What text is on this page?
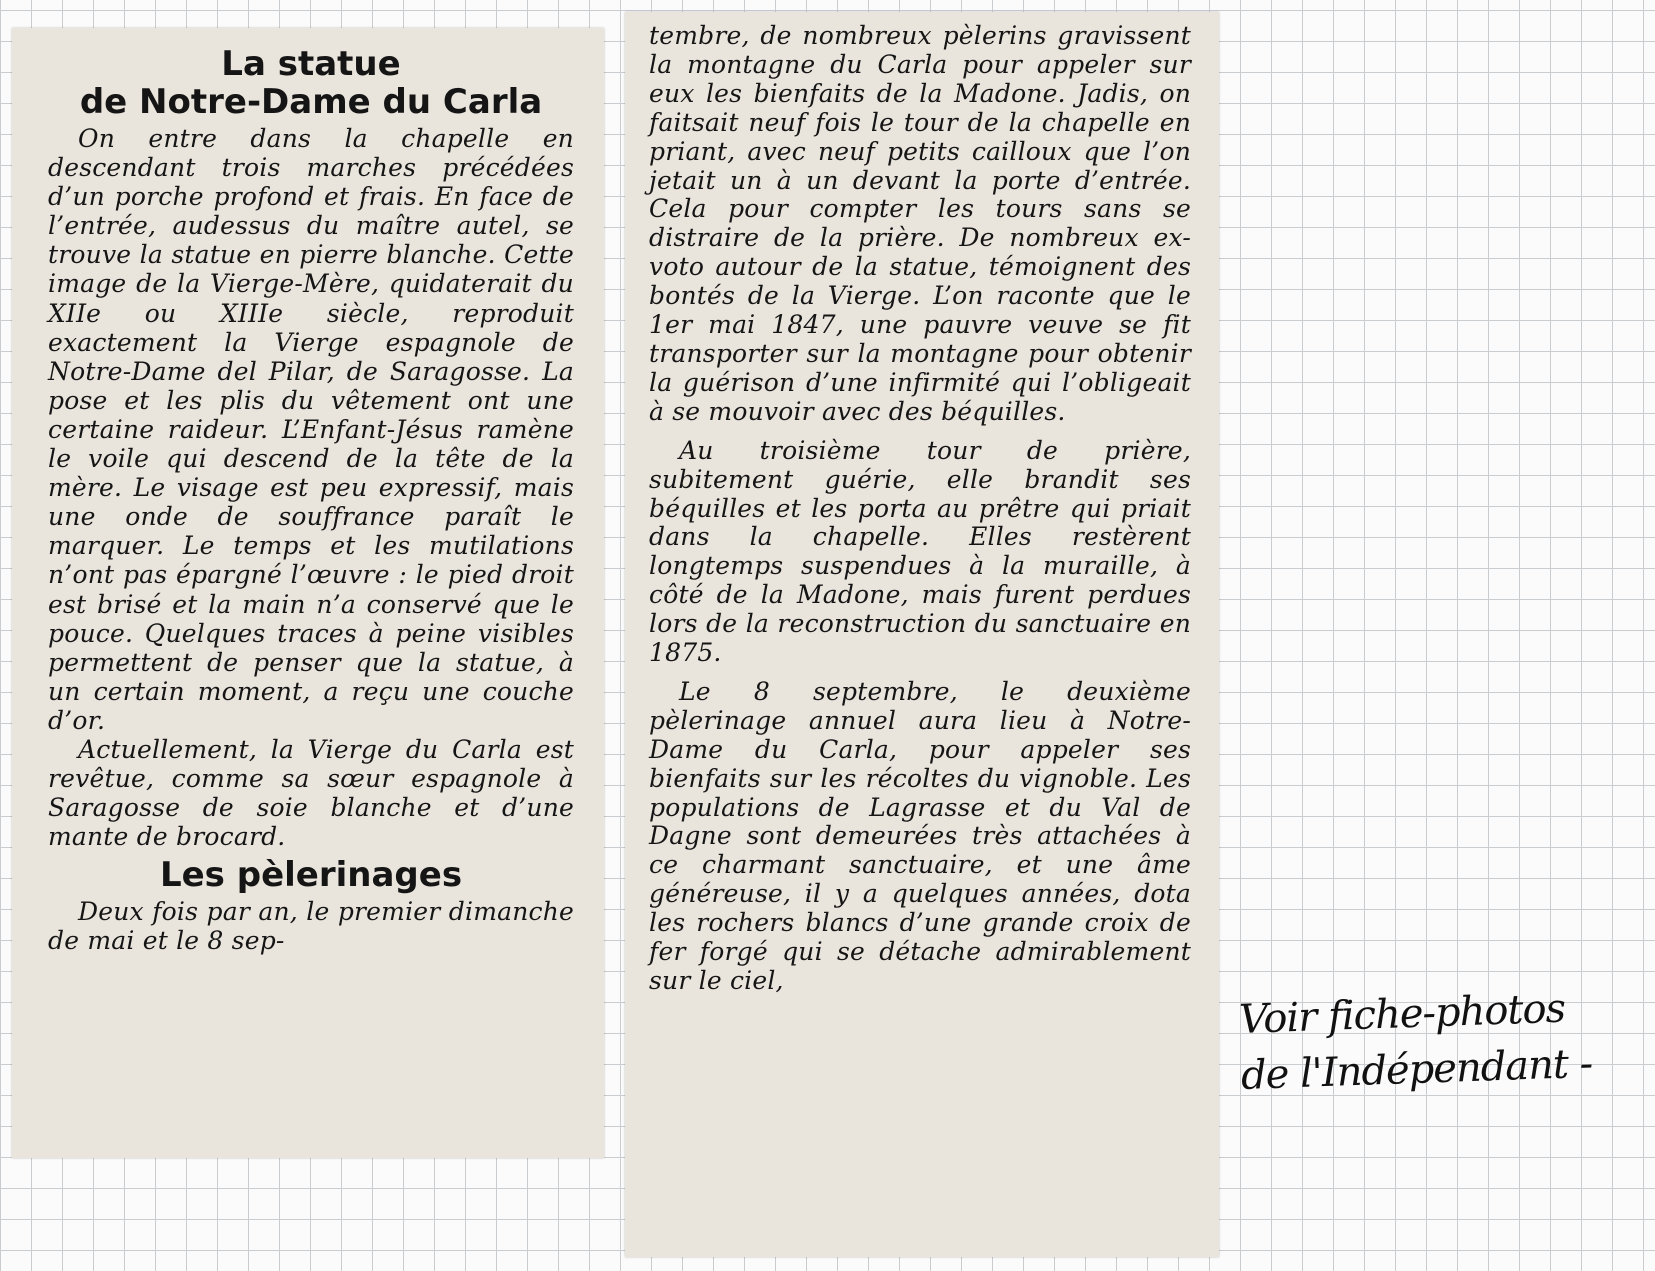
La statue
de Notre-Dame du Carla

On entre dans la chapelle en descendant trois marches précédées d’un porche profond et frais. En face de l’entrée, audessus du maître autel, se trouve la statue en pierre blanche. Cette image de la Vierge-Mère, quidaterait du XIIe ou XIIIe siècle, reproduit exactement la Vierge espagnole de Notre-Dame del Pilar, de Saragosse. La pose et les plis du vêtement ont une certaine raideur. L’Enfant-Jésus ramène le voile qui descend de la tête de la mère. Le visage est peu expressif, mais une onde de souffrance paraît le marquer. Le temps et les mutilations n’ont pas épargné l’œuvre : le pied droit est brisé et la main n’a conservé que le pouce. Quelques traces à peine visibles permettent de penser que la statue, à un certain moment, a reçu une couche d’or.

Actuellement, la Vierge du Carla est revêtue, comme sa sœur espagnole à Saragosse de soie blanche et d’une mante de brocard.

Les pèlerinages

Deux fois par an, le premier dimanche de mai et le 8 sep-

tembre, de nombreux pèlerins gravissent la montagne du Carla pour appeler sur eux les bienfaits de la Madone. Jadis, on faitsait neuf fois le tour de la chapelle en priant, avec neuf petits cailloux que l’on jetait un à un devant la porte d’entrée. Cela pour compter les tours sans se distraire de la prière. De nombreux ex-voto autour de la statue, témoignent des bontés de la Vierge. L’on raconte que le 1er mai 1847, une pauvre veuve se fit transporter sur la montagne pour obtenir la guérison d’une infirmité qui l’obligeait à se mouvoir avec des béquilles.

Au troisième tour de prière, subitement guérie, elle brandit ses béquilles et les porta au prêtre qui priait dans la chapelle. Elles restèrent longtemps suspendues à la muraille, à côté de la Madone, mais furent perdues lors de la reconstruction du sanctuaire en 1875.

Le 8 septembre, le deuxième pèlerinage annuel aura lieu à Notre-Dame du Carla, pour appeler ses bienfaits sur les récoltes du vignoble. Les populations de Lagrasse et du Val de Dagne sont demeurées très attachées à ce charmant sanctuaire, et une âme généreuse, il y a quelques années, dota les rochers blancs d’une grande croix de fer forgé qui se détache admirablement sur le ciel,

Voir fiche-photos
de l'Indépendant -
